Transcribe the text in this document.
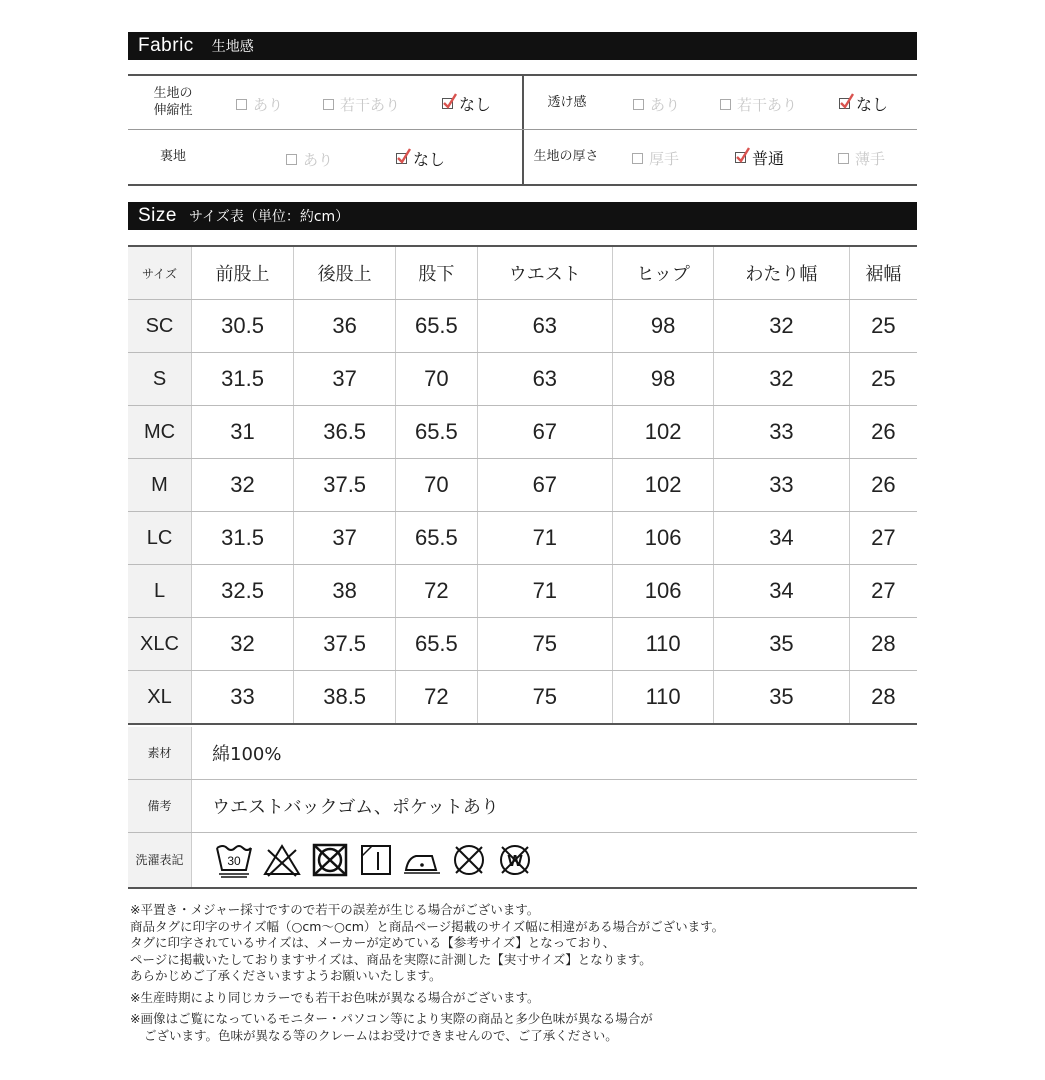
Fabric 生地感
生地の
伸縮性	あり	若干あり	なし	透け感	あり	若干あり	なし
裏地	あり	なし	生地の厚さ	厚手	普通	薄手
Size サイズ表（単位：約cm）
サイズ	前股上	後股上	股下	ウエスト	ヒップ	わたり幅	裾幅
SC	30.5	36	65.5	63	98	32	25
S	31.5	37	70	63	98	32	25
MC	31	36.5	65.5	67	102	33	26
M	32	37.5	70	67	102	33	26
LC	31.5	37	65.5	71	106	34	27
L	32.5	38	72	71	106	34	27
XLC	32	37.5	65.5	75	110	35	28
XL	33	38.5	72	75	110	35	28
素材	綿100%
備考	ウエストバックゴム、ポケットあり
洗濯 表記	30	W

※平置き・メジャー採寸ですので若干の誤差が生じる場合がございます。

商品タグに印字のサイズ幅（○cm〜○cm）と商品ページ掲載のサイズ幅に相違がある場合がございます。

タグに印字されているサイズは、メーカーが定めている【参考サイズ】となっており、

ページに掲載いたしておりますサイズは、商品を実際に計測した【実寸サイズ】となります。

あらかじめご了承くださいますようお願いいたします。

※生産時期により同じカラーでも若干お色味が異なる場合がございます。

※画像はご覧になっているモニター・パソコン等により実際の商品と多少色味が異なる場合が

ございます。色味が異なる等のクレームはお受けできませんので、ご了承ください。
